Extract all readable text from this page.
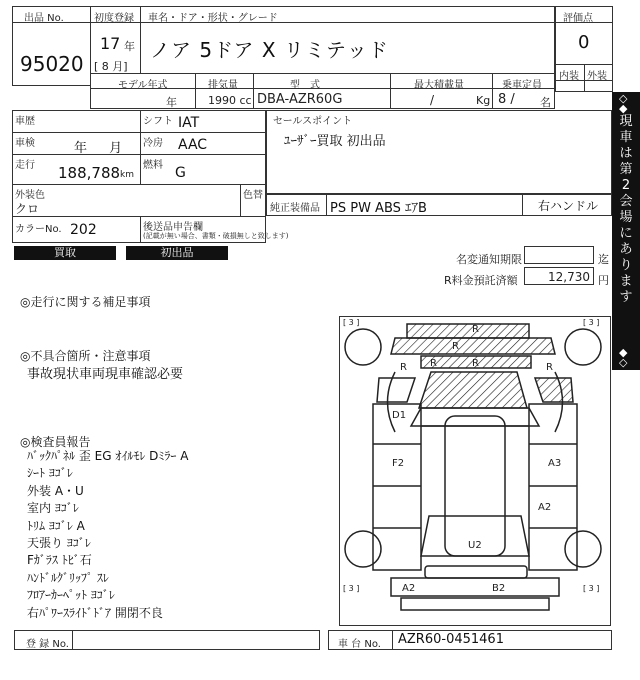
出品 No.
95020
初度登録 車名・ドア・形状・グレード
17 年
[ 8 月]
ノア 5ドア X リミテッド
モデル年式	排気量	型　式	最大積載量	乗車定員
年	1990 cc DBA-AZR60G	/	Kg 8 / 名
評価点
0
内装 外装
◇◆
現車は第2会場にあります
◆◇
車歴	シフト IAT
車検	年 月 冷房 AAC
走行 188,788 km
燃料 G
外装色
クロ
色替
カラーNo. 202	後送品申告欄
(記載が無い場合、書類・破損無しと致します)
セールスポイント
ﾕｰｻﾞｰ買取 初出品
純正装備品 PS PW ABS ｴｱB	右ハンドル
買取	初出品
名変通知期限	迄
R料金預託済額	12,730 円
◎走行に関する補足事項
◎不具合箇所・注意事項
事故現状車両現車確認必要
◎検査員報告
ﾊﾞｯｸﾊﾟﾈﾙ 歪 EG ｵｲﾙﾓﾚ Dﾐﾗｰ A
ｼｰﾄ ﾖｺﾞﾚ
外装 A・U
室内 ﾖｺﾞﾚ
ﾄﾘﾑ ﾖｺﾞﾚ A
天張り ﾖｺﾞﾚ
Fｶﾞﾗｽ ﾄﾋﾞ石
ﾊﾝﾄﾞﾙｸﾞﾘｯﾌﾟ ｽﾚ
ﾌﾛｱｰｶｰﾍﾟｯﾄ ﾖｺﾞﾚ
右ﾊﾟﾜｰｽﾗｲﾄﾞﾄﾞｱ 開閉不良
[ 3 ]	[ 3 ]
[ 3 ]	[ 3 ]
R
R
R	R
R	R
D1
F2	A3
A2
U2
A2	B2
登 録 No.	車 台 No. AZR60-0451461
